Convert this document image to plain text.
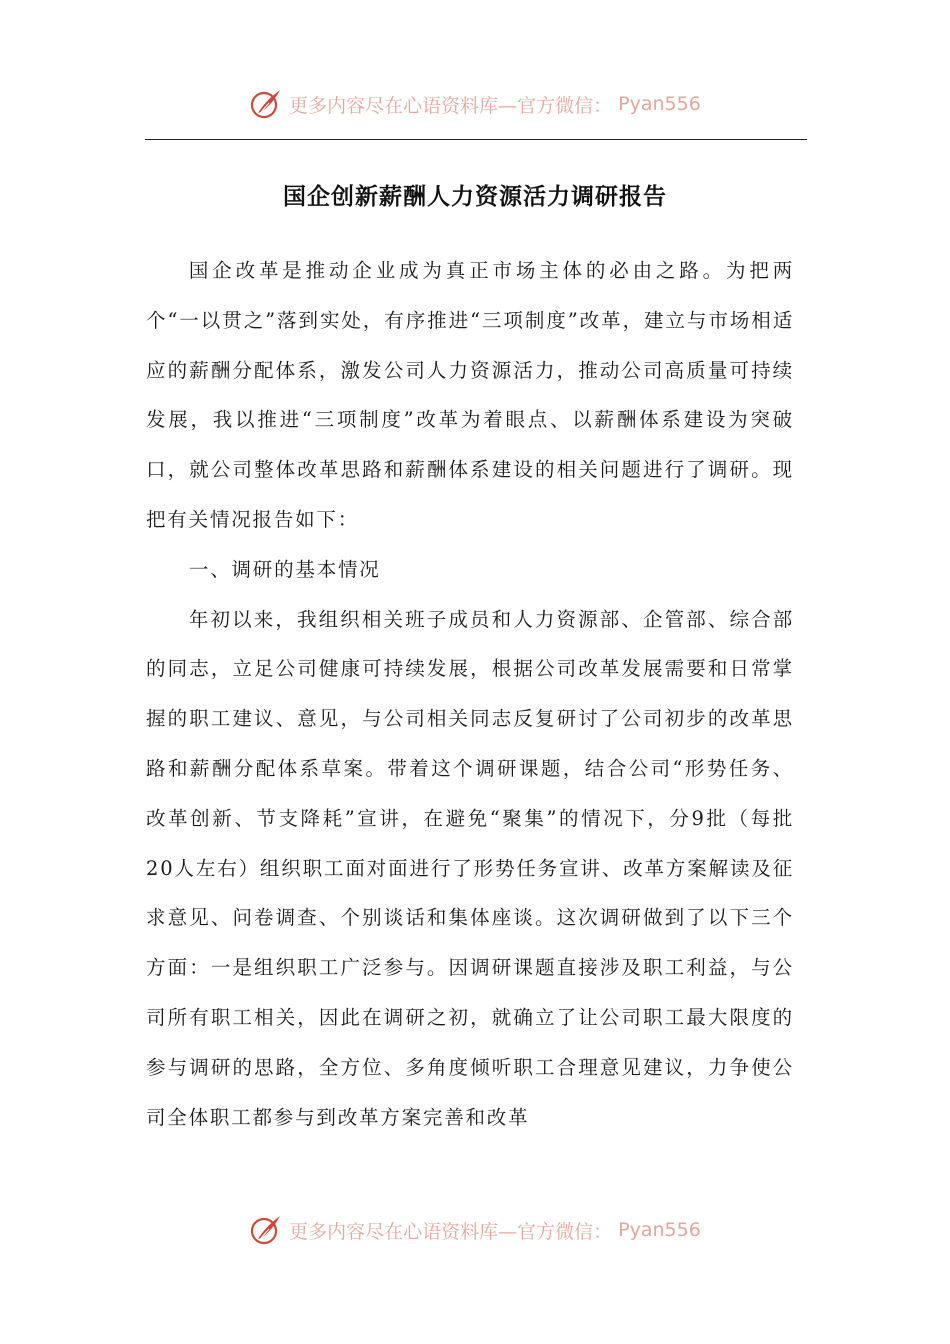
更多内容尽在心语资料库—官方微信： Pyan556
国企创新薪酬人力资源活力调研报告

国企改革是推动企业成为真正市场主体的必由之路。为把两个“一以贯之”落到实处，有序推进“三项制度”改革，建立与市场相适应的薪酬分配体系，激发公司人力资源活力，推动公司高质量可持续发展，我以推进“三项制度”改革为着眼点、以薪酬体系建设为突破口，就公司整体改革思路和薪酬体系建设的相关问题进行了调研。现把有关情况报告如下：

一、调研的基本情况

年初以来，我组织相关班子成员和人力资源部、企管部、综合部的同志，立足公司健康可持续发展，根据公司改革发展需要和日常掌握的职工建议、意见，与公司相关同志反复研讨了公司初步的改革思路和薪酬分配体系草案。带着这个调研课题，结合公司“形势任务、改革创新、节支降耗”宣讲，在避免“聚集”的情况下，分9批（每批20人左右）组织职工面对面进行了形势任务宣讲、改革方案解读及征求意见、问卷调查、个别谈话和集体座谈。这次调研做到了以下三个方面：一是组织职工广泛参与。因调研课题直接涉及职工利益，与公司所有职工相关，因此在调研之初，就确立了让公司职工最大限度的参与调研的思路，全方位、多角度倾听职工合理意见建议，力争使公司全体职工都参与到改革方案完善和改革

更多内容尽在心语资料库—官方微信： Pyan556
